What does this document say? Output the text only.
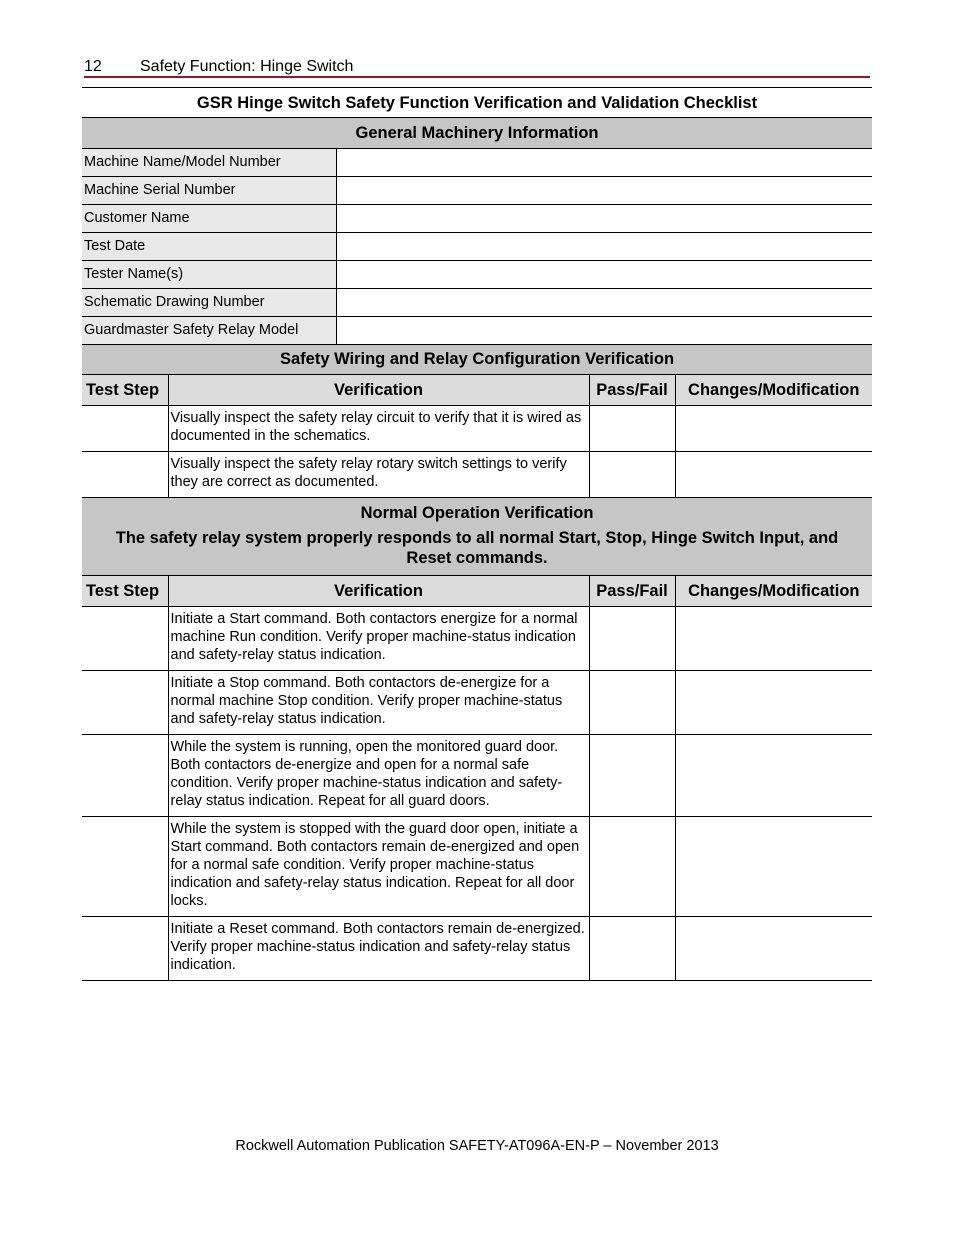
12 Safety Function: Hinge Switch
GSR Hinge Switch Safety Function Verification and Validation Checklist
General Machinery Information	
Machine Name/Model Number	
Machine Serial Number	
Customer Name	
Test Date	
Tester Name(s)	
Schematic Drawing Number	
Guardmaster Safety Relay Model	
Safety Wiring and Relay Configuration Verification			
Test Step	Verification	Pass/Fail	Changes/Modification
	Visually inspect the safety relay circuit to verify that it is wired as documented in the schematics.		
	Visually inspect the safety relay rotary switch settings to verify they are correct as documented.		
Normal Operation Verification
The safety relay system properly responds to all normal Start, Stop, Hinge Switch Input, and Reset commands.			

Test Step	Verification	Pass/Fail	Changes/Modification
	Initiate a Start command. Both contactors energize for a normal machine Run condition. Verify proper machine-status indication and safety-relay status indication.		
	Initiate a Stop command. Both contactors de-energize for a normal machine Stop condition. Verify proper machine-status and safety-relay status indication.		
	While the system is running, open the monitored guard door. Both contactors de-energize and open for a normal safe condition. Verify proper machine-status indication and safety-relay status indication. Repeat for all guard doors.		
	While the system is stopped with the guard door open, initiate a Start command. Both contactors remain de-energized and open for a normal safe condition. Verify proper machine-status indication and safety-relay status indication. Repeat for all door locks.		
	Initiate a Reset command. Both contactors remain de-energized. Verify proper machine-status indication and safety-relay status indication.		
Rockwell Automation Publication SAFETY-AT096A-EN-P – November 2013
